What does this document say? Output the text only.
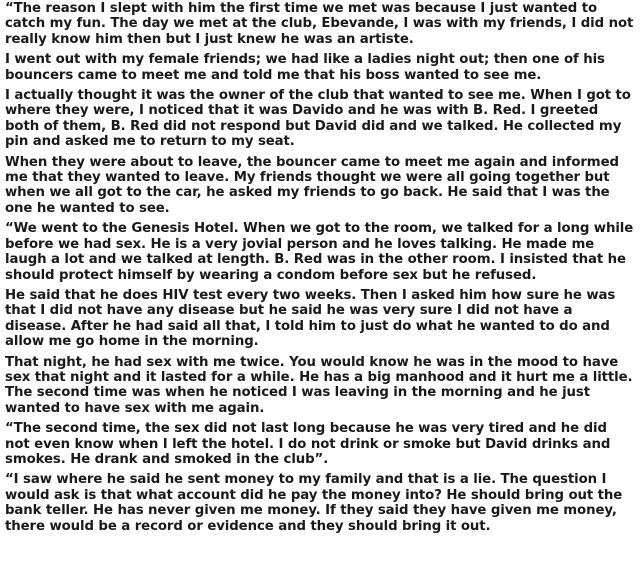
“The reason I slept with him the first time we met was because I just wanted to catch my fun. The day we met at the club, Ebevande, I was with my friends, I did not really know him then but I just knew he was an artiste.

I went out with my female friends; we had like a ladies night out; then one of his bouncers came to meet me and told me that his boss wanted to see me.

I actually thought it was the owner of the club that wanted to see me. When I got to where they were, I noticed that it was Davido and he was with B. Red. I greeted both of them, B. Red did not respond but David did and we talked. He collected my pin and asked me to return to my seat.

When they were about to leave, the bouncer came to meet me again and informed me that they wanted to leave. My friends thought we were all going together but when we all got to the car, he asked my friends to go back. He said that I was the one he wanted to see.

“We went to the Genesis Hotel. When we got to the room, we talked for a long while before we had sex. He is a very jovial person and he loves talking. He made me laugh a lot and we talked at length. B. Red was in the other room. I insisted that he should protect himself by wearing a condom before sex but he refused.

He said that he does HIV test every two weeks. Then I asked him how sure he was that I did not have any disease but he said he was very sure I did not have a disease. After he had said all that, I told him to just do what he wanted to do and allow me go home in the morning.

That night, he had sex with me twice. You would know he was in the mood to have sex that night and it lasted for a while. He has a big manhood and it hurt me a little. The second time was when he noticed I was leaving in the morning and he just wanted to have sex with me again.

“The second time, the sex did not last long because he was very tired and he did not even know when I left the hotel. I do not drink or smoke but David drinks and smokes. He drank and smoked in the club”.

“I saw where he said he sent money to my family and that is a lie. The question I would ask is that what account did he pay the money into? He should bring out the bank teller. He has never given me money. If they said they have given me money, there would be a record or evidence and they should bring it out.
